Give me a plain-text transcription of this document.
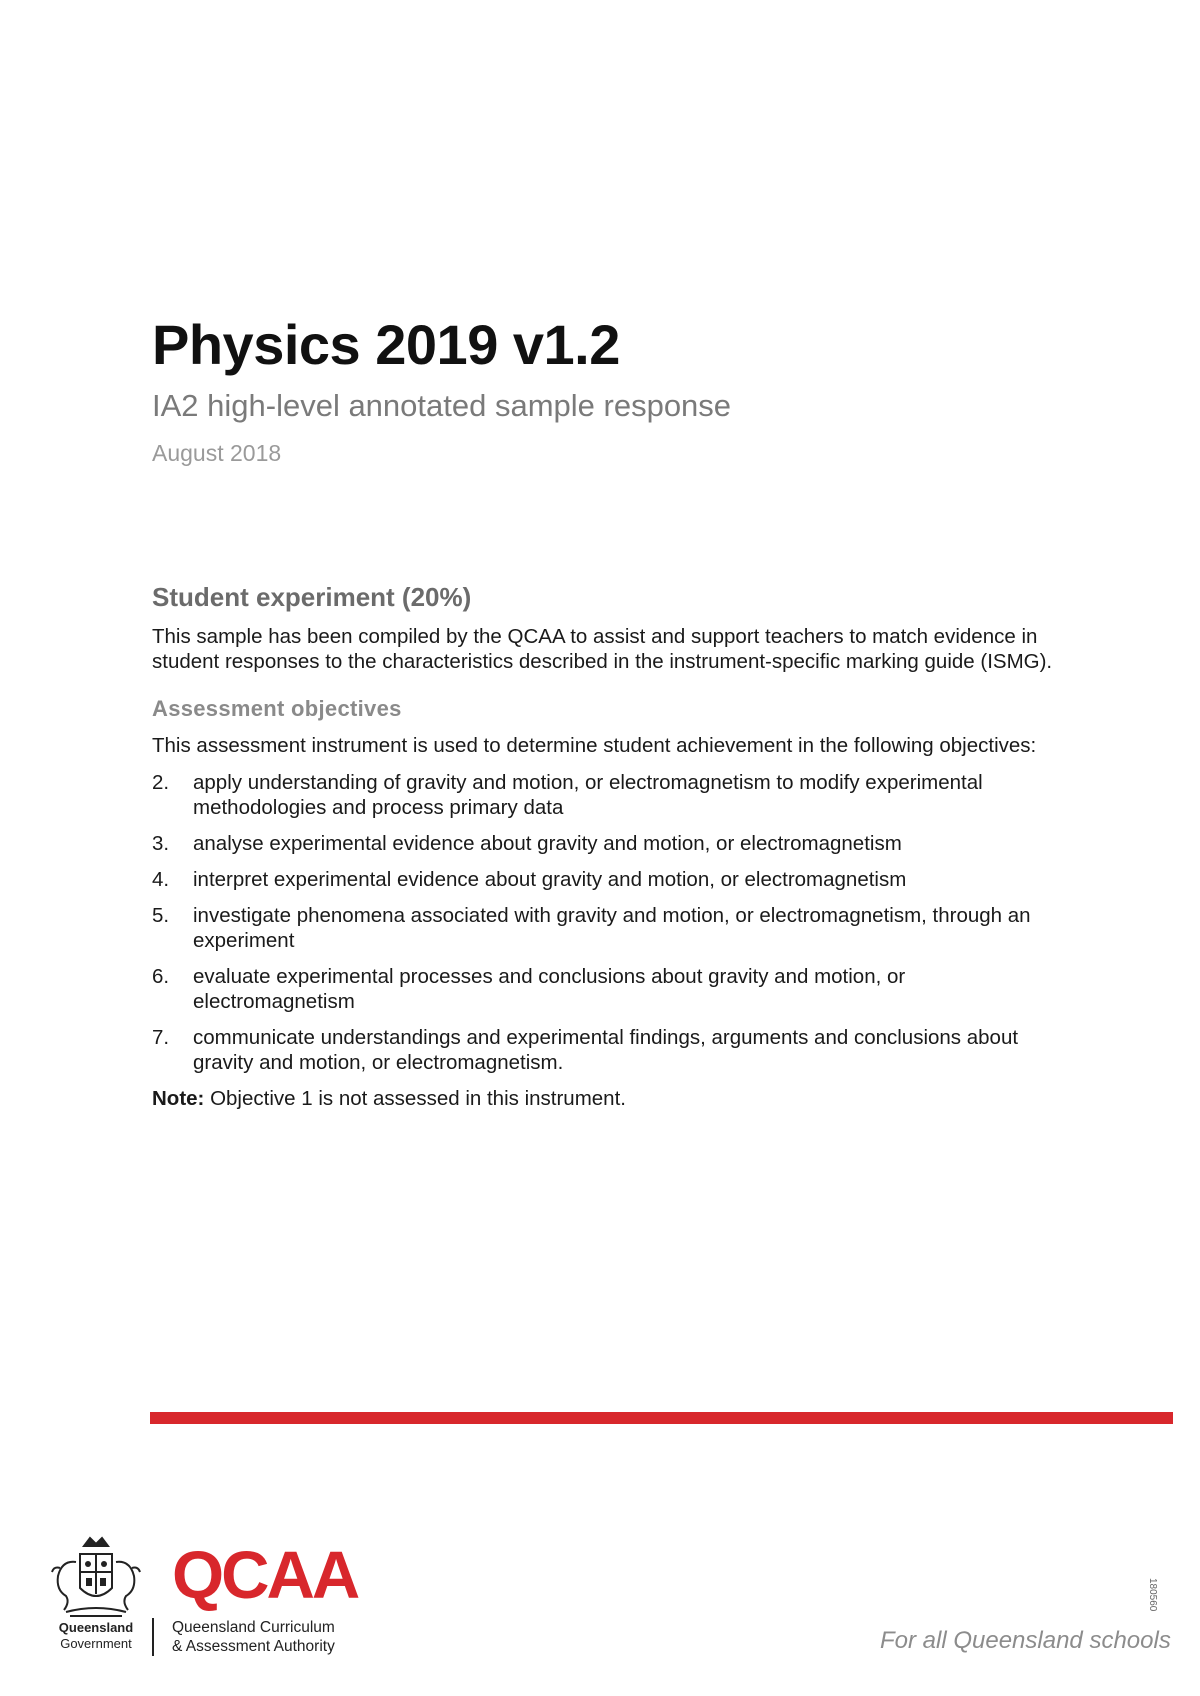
Physics 2019 v1.2
IA2 high-level annotated sample response

August 2018

Student experiment (20%)

This sample has been compiled by the QCAA to assist and support teachers to match evidence in student responses to the characteristics described in the instrument-specific marking guide (ISMG).

Assessment objectives

This assessment instrument is used to determine student achievement in the following objectives:

2. apply understanding of gravity and motion, or electromagnetism to modify experimental methodologies and process primary data
3. analyse experimental evidence about gravity and motion, or electromagnetism
4. interpret experimental evidence about gravity and motion, or electromagnetism
5. investigate phenomena associated with gravity and motion, or electromagnetism, through an experiment
6. evaluate experimental processes and conclusions about gravity and motion, or electromagnetism
7. communicate understandings and experimental findings, arguments and conclusions about gravity and motion, or electromagnetism.

Note: Objective 1 is not assessed in this instrument.

Queensland
Government
QCAA
Queensland Curriculum
& Assessment Authority	For all Queensland schools
180560
